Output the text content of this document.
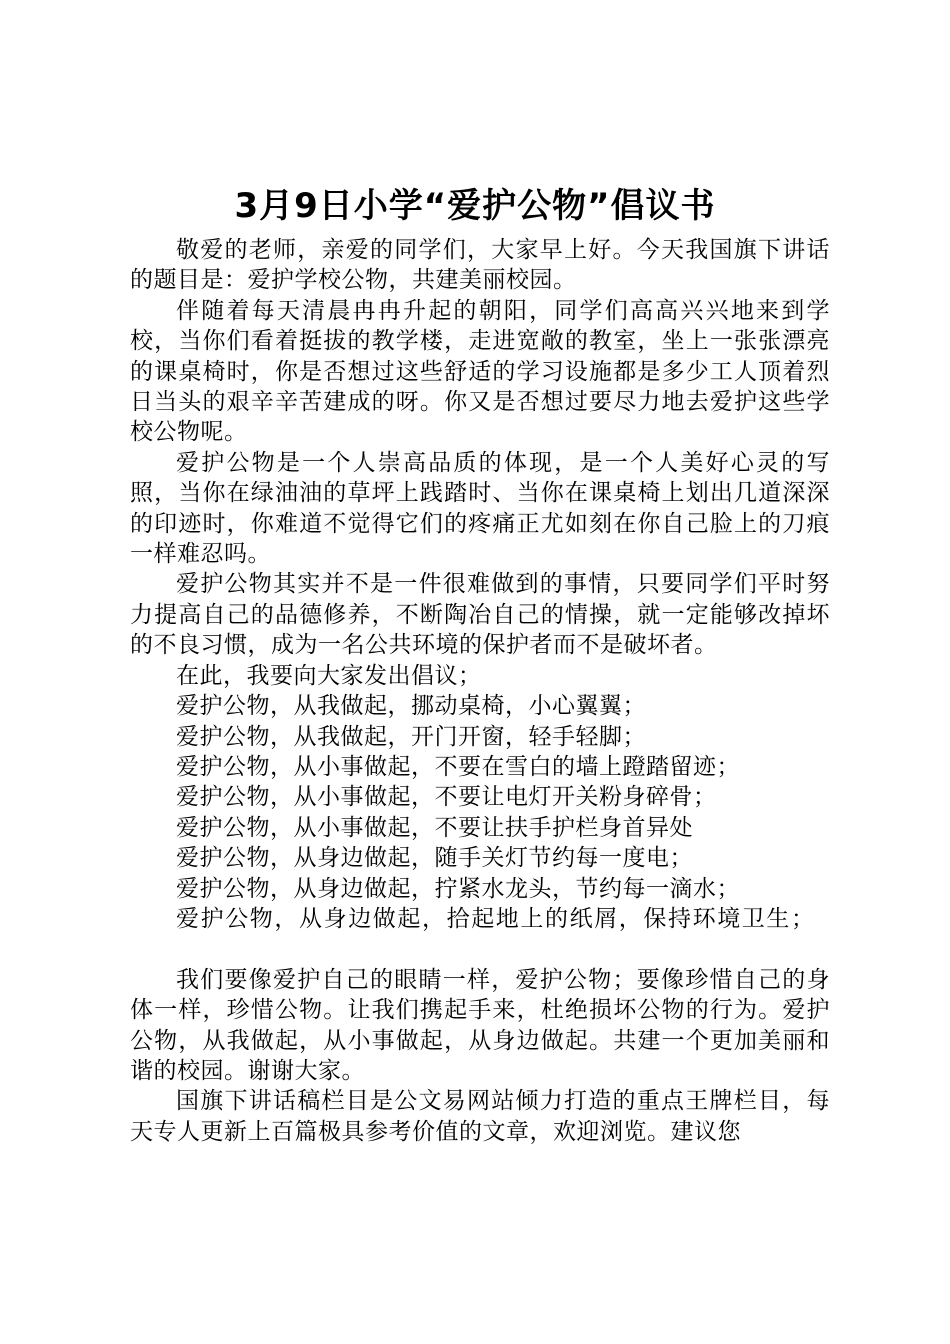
3月9日小学“爱护公物”倡议书

敬爱的老师，亲爱的同学们，大家早上好。今天我国旗下讲话的题目是：爱护学校公物，共建美丽校园。

伴随着每天清晨冉冉升起的朝阳，同学们高高兴兴地来到学校，当你们看着挺拔的教学楼，走进宽敞的教室，坐上一张张漂亮的课桌椅时，你是否想过这些舒适的学习设施都是多少工人顶着烈日当头的艰辛辛苦建成的呀。你又是否想过要尽力地去爱护这些学校公物呢。

爱护公物是一个人崇高品质的体现，是一个人美好心灵的写照，当你在绿油油的草坪上践踏时、当你在课桌椅上划出几道深深的印迹时，你难道不觉得它们的疼痛正尤如刻在你自己脸上的刀痕一样难忍吗。

爱护公物其实并不是一件很难做到的事情，只要同学们平时努力提高自己的品德修养，不断陶冶自己的情操，就一定能够改掉坏的不良习惯，成为一名公共环境的保护者而不是破坏者。

在此，我要向大家发出倡议；

爱护公物，从我做起，挪动桌椅，小心翼翼；

爱护公物，从我做起，开门开窗，轻手轻脚；

爱护公物，从小事做起，不要在雪白的墙上蹬踏留迹；

爱护公物，从小事做起，不要让电灯开关粉身碎骨；

爱护公物，从小事做起，不要让扶手护栏身首异处

爱护公物，从身边做起，随手关灯节约每一度电；

爱护公物，从身边做起，拧紧水龙头，节约每一滴水；

爱护公物，从身边做起，拾起地上的纸屑，保持环境卫生；

我们要像爱护自己的眼睛一样，爱护公物；要像珍惜自己的身体一样，珍惜公物。让我们携起手来，杜绝损坏公物的行为。爱护公物，从我做起，从小事做起，从身边做起。共建一个更加美丽和谐的校园。谢谢大家。

国旗下讲话稿栏目是公文易网站倾力打造的重点王牌栏目，每天专人更新上百篇极具参考价值的文章，欢迎浏览。建议您
